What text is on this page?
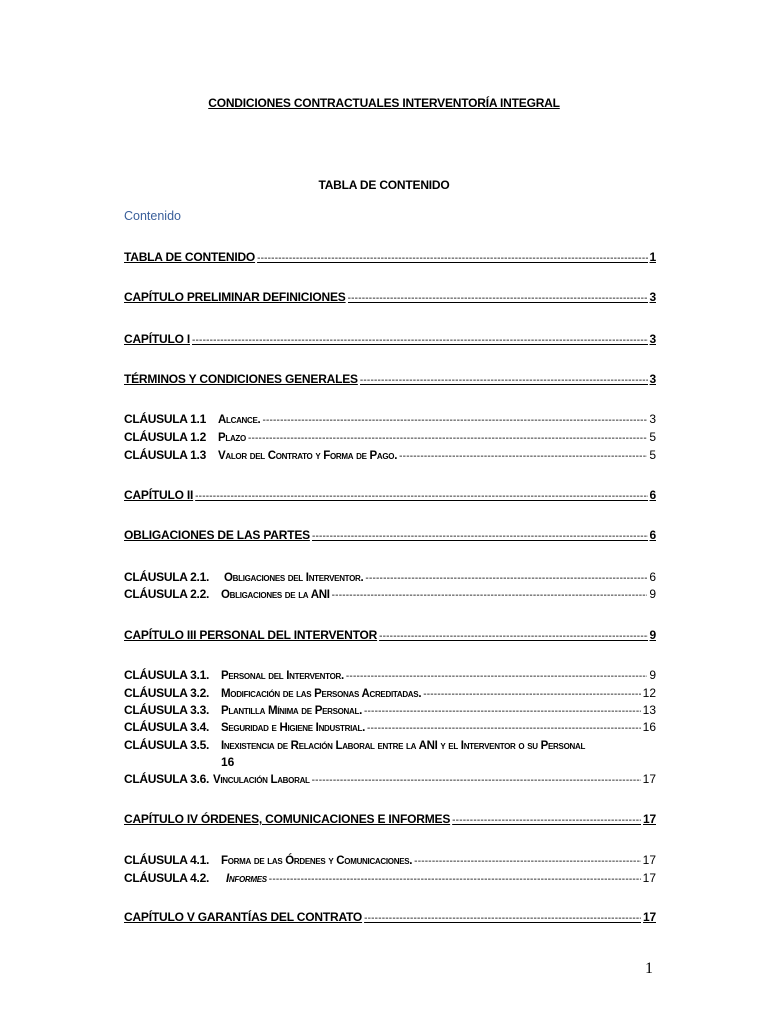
CONDICIONES CONTRACTUALES INTERVENTORÍA INTEGRAL
TABLA DE CONTENIDO
Contenido
TABLA DE CONTENIDO -----	1
CAPÍTULO PRELIMINAR DEFINICIONES -----	3
CAPÍTULO I -----	3
TÉRMINOS Y CONDICIONES GENERALES -----	3
CLÁUSULA 1.1 Alcance. -----	3
CLÁUSULA 1.2 Plazo -----	5
CLÁUSULA 1.3 Valor del Contrato y Forma de Pago. -----	5
CAPÍTULO II -----	6
OBLIGACIONES DE LAS PARTES -----	6
CLÁUSULA 2.1. Obligaciones del Interventor. -----	6
CLÁUSULA 2.2. Obligaciones de la ANI -----	9
CAPÍTULO III PERSONAL DEL INTERVENTOR -----	9
CLÁUSULA 3.1. Personal del Interventor. -----	9
CLÁUSULA 3.2. Modificación de las Personas Acreditadas. -----	12
CLÁUSULA 3.3. Plantilla Mínima de Personal. -----	13
CLÁUSULA 3.4. Seguridad e Higiene Industrial. -----	16
CLÁUSULA 3.5. Inexistencia de Relación Laboral entre la ANI y el Interventor o su Personal
16
CLÁUSULA 3.6. Vinculación Laboral -----	17
CAPÍTULO IV ÓRDENES, COMUNICACIONES E INFORMES -----	17
CLÁUSULA 4.1. Forma de las Órdenes y Comunicaciones. -----	17
CLÁUSULA 4.2. Informes -----	17
CAPÍTULO V GARANTÍAS DEL CONTRATO -----	17
1
